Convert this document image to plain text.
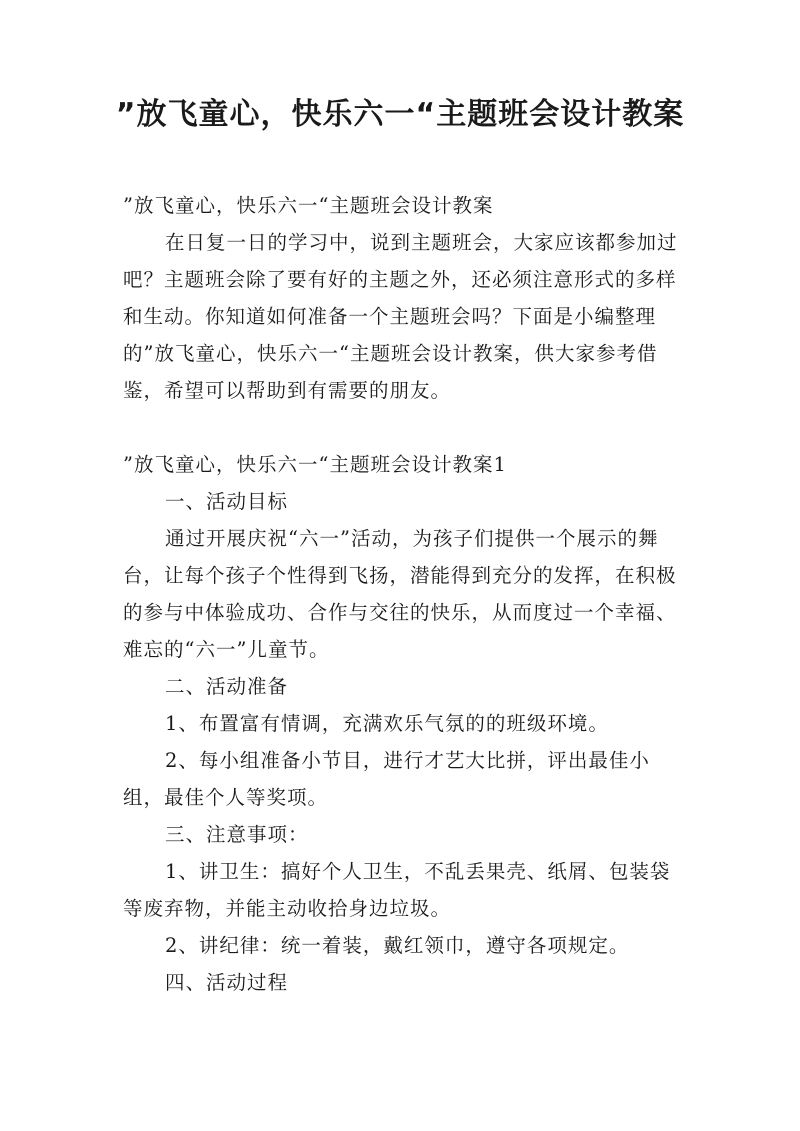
”放飞童心，快乐六一“主题班会设计教案

”放飞童心，快乐六一“主题班会设计教案

在日复一日的学习中，说到主题班会，大家应该都参加过吧？主题班会除了要有好的主题之外，还必须注意形式的多样和生动。你知道如何准备一个主题班会吗？下面是小编整理的”放飞童心，快乐六一“主题班会设计教案，供大家参考借鉴，希望可以帮助到有需要的朋友。

”放飞童心，快乐六一“主题班会设计教案1

一、活动目标

通过开展庆祝“六一”活动，为孩子们提供一个展示的舞台，让每个孩子个性得到飞扬，潜能得到充分的发挥，在积极的参与中体验成功、合作与交往的快乐，从而度过一个幸福、难忘的“六一”儿童节。

二、活动准备

1、布置富有情调，充满欢乐气氛的的班级环境。

2、每小组准备小节目，进行才艺大比拼，评出最佳小组，最佳个人等奖项。

三、注意事项：

1、讲卫生：搞好个人卫生，不乱丢果壳、纸屑、包装袋等废弃物，并能主动收拾身边垃圾。

2、讲纪律：统一着装，戴红领巾，遵守各项规定。

四、活动过程
